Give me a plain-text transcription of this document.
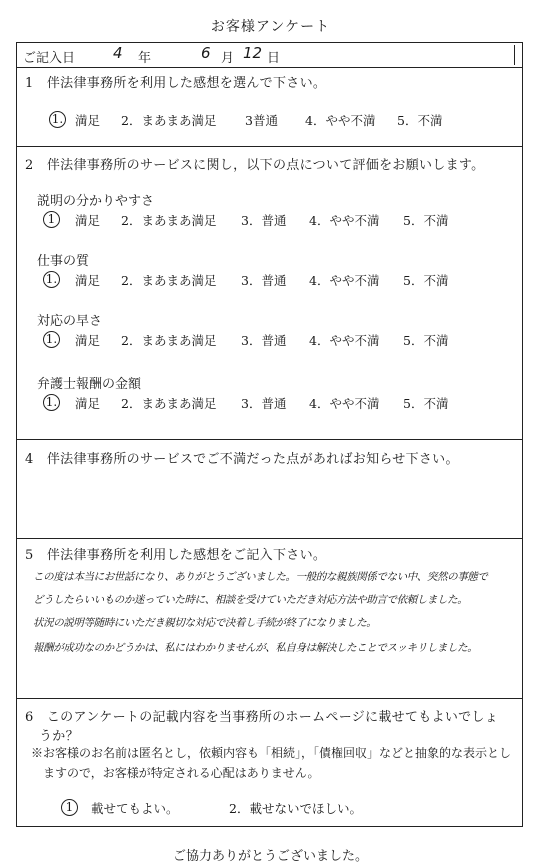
お客様アンケート
ご記入日	4 年	6 月 12 日
1　伴法律事務所を利用した感想を選んで下さい。
1. 満足 2．まあまあ満足 3普通 4．やや不満 5．不満
2　伴法律事務所のサービスに関し，以下の点について評価をお願いします。
説明の分かりやすさ
1	満足 2．まあまあ満足 3．普通 4．やや不満 5．不満
仕事の質
1. 満足 2．まあまあ満足 3．普通 4．やや不満 5．不満
対応の早さ
1. 満足 2．まあまあ満足 3．普通 4．やや不満 5．不満
弁護士報酬の金額
1. 満足 2．まあまあ満足 3．普通 4．やや不満 5．不満
4　伴法律事務所のサービスでご不満だった点があればお知らせ下さい。
5　伴法律事務所を利用した感想をご記入下さい。
この度は本当にお世話になり、ありがとうございました。一般的な親族関係でない中、突然の事態で
どうしたらいいものか迷っていた時に、相談を受けていただき対応方法や助言で依頼しました。
状況の説明等随時にいただき親切な対応で決着し手続が終了になりました。
報酬が成功なのかどうかは、私にはわかりませんが、私自身は解決したことでスッキリしました。
6　このアンケートの記載内容を当事務所のホームページに載せてもよいでしょ
うか？
※お客様のお名前は匿名とし，依頼内容も「相続」，「債権回収」などと抽象的な表示とし
ますので，お客様が特定される心配はありません。
1	載せてもよい。	2．載せないでほしい。
ご協力ありがとうございました。
